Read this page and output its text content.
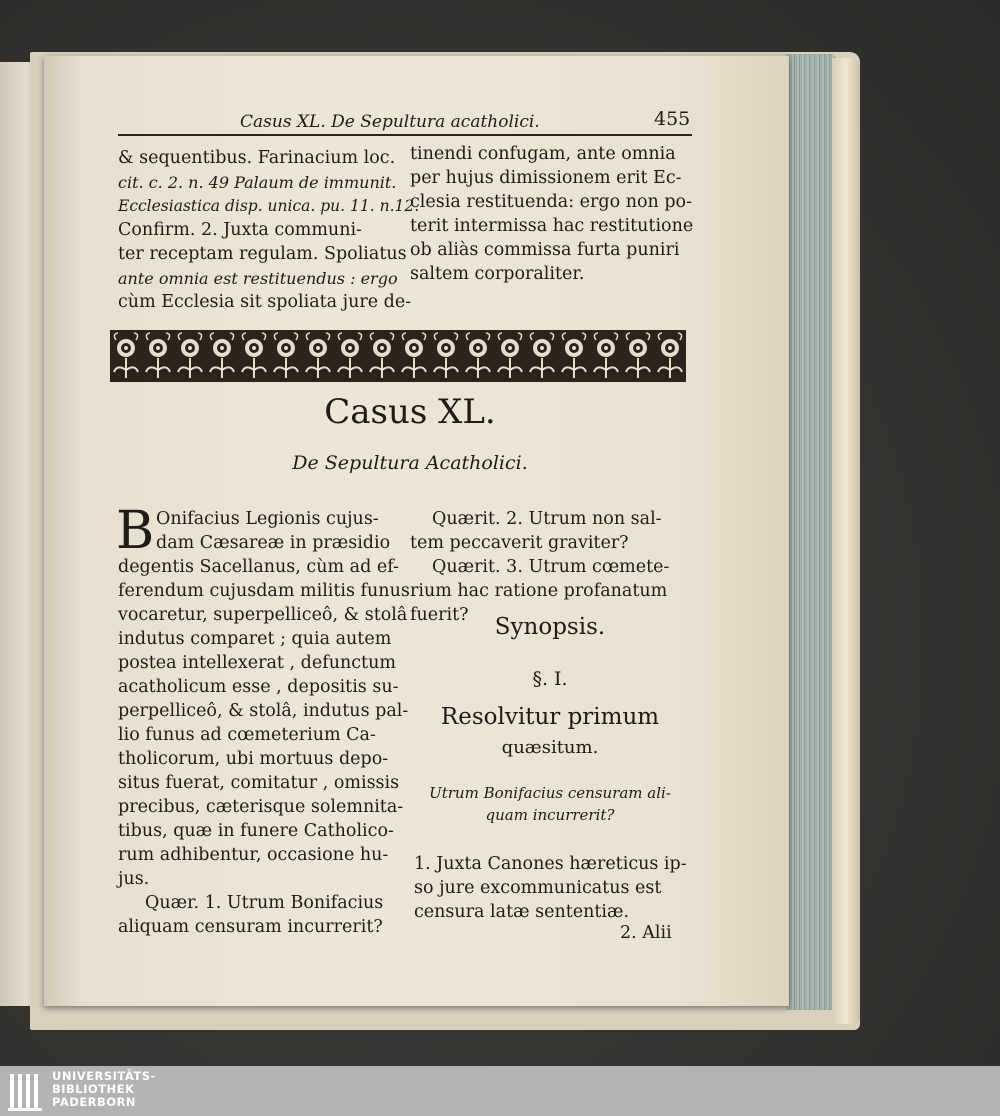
Casus XL. De Sepultura acatholici.	455
& sequentibus. Farinacium loc.
cit. c. 2. n. 49 Palaum de immunit.
Ecclesiastica disp. unica. pu. 11. n.12.
Confirm. 2. Juxta communi-
ter receptam regulam. Spoliatus
ante omnia est restituendus : ergo
cùm Ecclesia sit spoliata jure de-
tinendi confugam, ante omnia
per hujus dimissionem erit Ec-
clesia restituenda: ergo non po-
terit intermissa hac restitutione
ob aliàs commissa furta puniri
saltem corporaliter.
Casus XL.
De Sepultura Acatholici.
B Onifacius Legionis cujus-
dam Cæsareæ in præsidio
degentis Sacellanus, cùm ad ef-
ferendum cujusdam militis funus
vocaretur, superpelliceô, & stolâ
indutus comparet ; quia autem
postea intellexerat , defunctum
acatholicum esse , depositis su-
perpelliceô, & stolâ, indutus pal-
lio funus ad cœmeterium Ca-
tholicorum, ubi mortuus depo-
situs fuerat, comitatur , omissis
precibus, cæterisque solemnita-
tibus, quæ in funere Catholico-
rum adhibentur, occasione hu-
jus.
Quær. 1. Utrum Bonifacius
aliquam censuram incurrerit?
Quærit. 2. Utrum non sal-
tem peccaverit graviter?
Quærit. 3. Utrum cœmete-
rium hac ratione profanatum
fuerit?	Synopsis.
§. I.
Resolvitur primum
quæsitum.
Utrum Bonifacius censuram ali-
quam incurrerit?
1. Juxta Canones hæreticus ip-
so jure excommunicatus est
censura latæ sententiæ.
2. Alii
UNIVERSITÄTS-
BIBLIOTHEK
PADERBORN
